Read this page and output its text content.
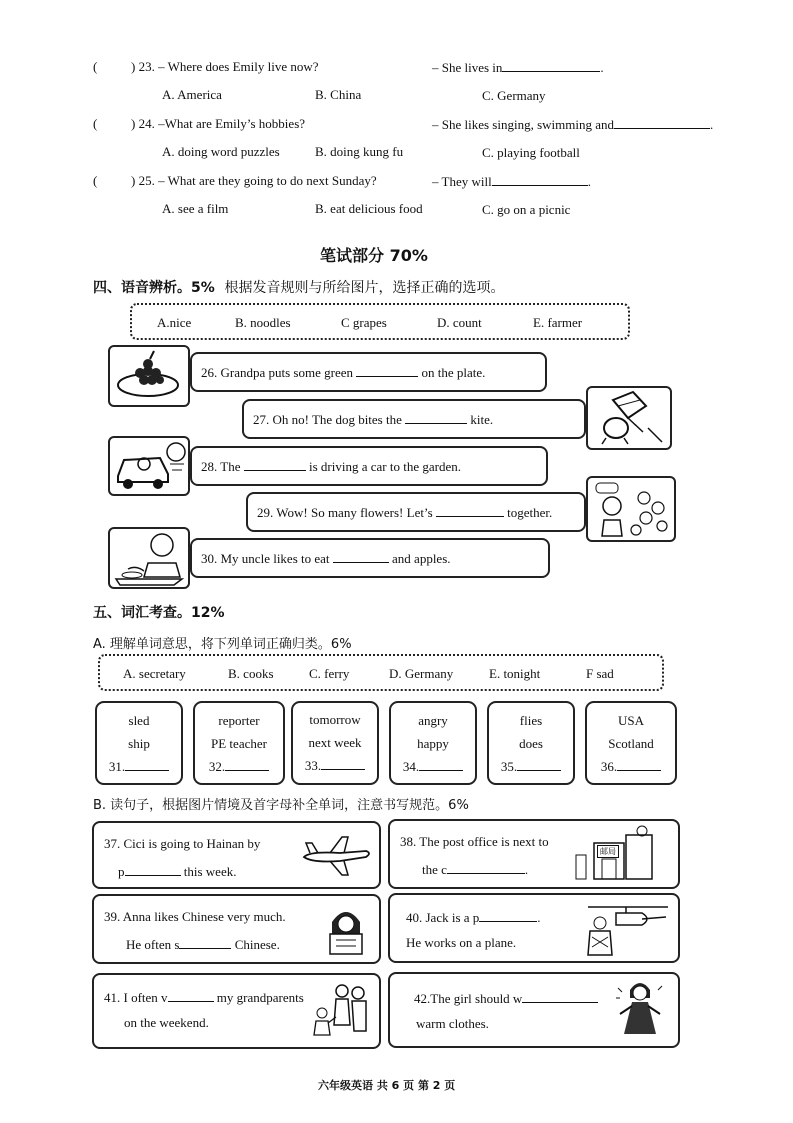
(	) 23. – Where does Emily live now?	– She lives in	.
A. America	B. China	C. Germany
(	) 24. –What are Emily’s hobbies?	– She likes singing, swimming and	.
A. doing word puzzles	B. doing kung fu	C. playing football
(	) 25. – What are they going to do next Sunday?	– They will	.
A. see a film	B. eat delicious food	C. go on a picnic
笔试部分 70%
四、语音辨析。5% 根据发音规则与所给图片，选择正确的选项。
A.nice	B. noodles	C grapes	D. count	E. farmer
26. Grandpa puts some green	on the plate.
27. Oh no! The dog bites the	kite.
28. The	is driving a car to the garden.
29. Wow! So many flowers! Let’s	together.
30. My uncle likes to eat	and apples.
五、词汇考查。12%
A. 理解单词意思，将下列单词正确归类。6%
A. secretary	B. cooks	C. ferry	D. Germany	E. tonight	F sad
sled
ship
31.
reporter
PE teacher
32.
tomorrow
next week
33.
angry
happy
34.
flies
does
35.
USA
Scotland
36.
B. 读句子，根据图片情境及首字母补全单词，注意书写规范。6%
37. Cici is going to Hainan by
p	this week.
38. The post office is next to
the c	.
邮局
39. Anna likes Chinese very much.
He often s	Chinese.
40. Jack is a p	.
He works on a plane.
41. I often v	my grandparents
on the weekend.
42.The girl should w
warm clothes.
六年级英语 共 6 页 第 2 页
